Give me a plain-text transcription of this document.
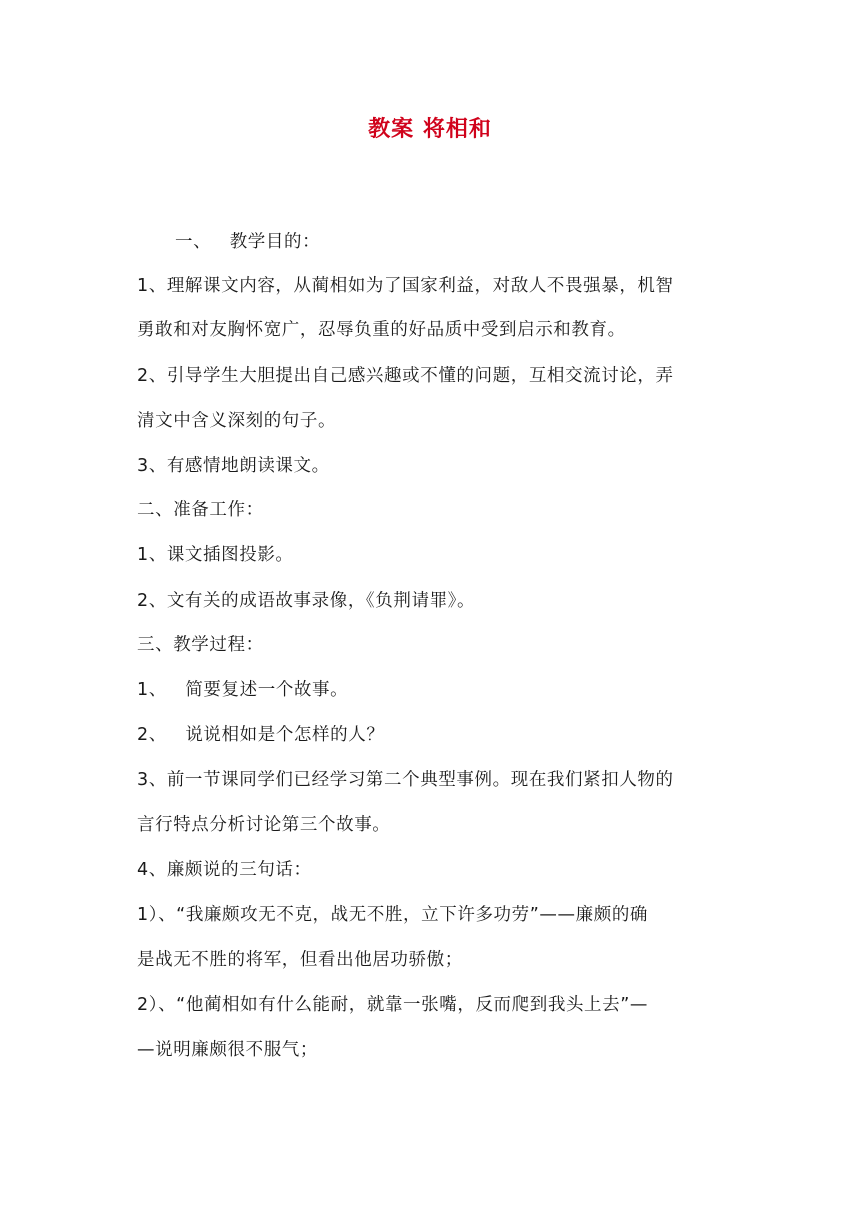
教案 将相和
一、   教学目的：
1、理解课文内容，从蔺相如为了国家利益，对敌人不畏强暴，机智
勇敢和对友胸怀宽广，忍辱负重的好品质中受到启示和教育。
2、引导学生大胆提出自己感兴趣或不懂的问题，互相交流讨论，弄
清文中含义深刻的句子。
3、有感情地朗读课文。
二、准备工作：
1、课文插图投影。
2、文有关的成语故事录像，《负荆请罪》。
三、教学过程：
1、   简要复述一个故事。
2、   说说相如是个怎样的人？
3、前一节课同学们已经学习第二个典型事例。现在我们紧扣人物的
言行特点分析讨论第三个故事。
4、廉颇说的三句话：
1）、“我廉颇攻无不克，战无不胜，立下许多功劳”——廉颇的确
是战无不胜的将军，但看出他居功骄傲；
2）、“他蔺相如有什么能耐，就靠一张嘴，反而爬到我头上去”—
—说明廉颇很不服气；
